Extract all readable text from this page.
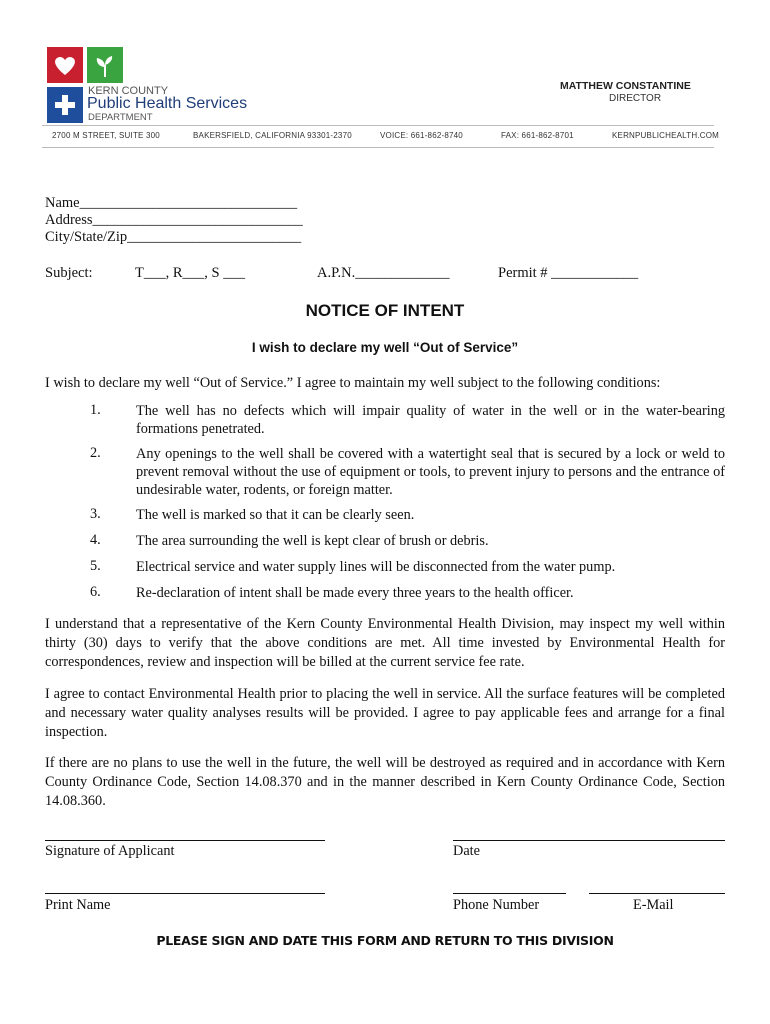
KERN COUNTY
Public Health Services
DEPARTMENT
MATTHEW CONSTANTINE
DIRECTOR
2700 M STREET, SUITE 300	BAKERSFIELD, CALIFORNIA 93301-2370	VOICE: 661-862-8740	FAX: 661-862-8701	KERNPUBLICHEALTH.COM
Name______________________________
Address_____________________________
City/State/Zip________________________
Subject:	T___, R___, S ___	A.P.N._____________	Permit # ____________
NOTICE OF INTENT
I wish to declare my well “Out of Service”
I wish to declare my well “Out of Service.” I agree to maintain my well subject to the following conditions:
1. The well has no defects which will impair quality of water in the well or in the water-bearing formations penetrated.
2. Any openings to the well shall be covered with a watertight seal that is secured by a lock or weld to prevent removal without the use of equipment or tools, to prevent injury to persons and the entrance of undesirable water, rodents, or foreign matter.
3. The well is marked so that it can be clearly seen.
4. The area surrounding the well is kept clear of brush or debris.
5. Electrical service and water supply lines will be disconnected from the water pump.
6. Re-declaration of intent shall be made every three years to the health officer.
I understand that a representative of the Kern County Environmental Health Division, may inspect my well within thirty (30) days to verify that the above conditions are met. All time invested by Environmental Health for correspondences, review and inspection will be billed at the current service fee rate.
I agree to contact Environmental Health prior to placing the well in service. All the surface features will be completed and necessary water quality analyses results will be provided. I agree to pay applicable fees and arrange for a final inspection.
If there are no plans to use the well in the future, the well will be destroyed as required and in accordance with Kern County Ordinance Code, Section 14.08.370 and in the manner described in Kern County Ordinance Code, Section 14.08.360.
Signature of Applicant	Date
Print Name	Phone Number	E-Mail
PLEASE SIGN AND DATE THIS FORM AND RETURN TO THIS DIVISION
